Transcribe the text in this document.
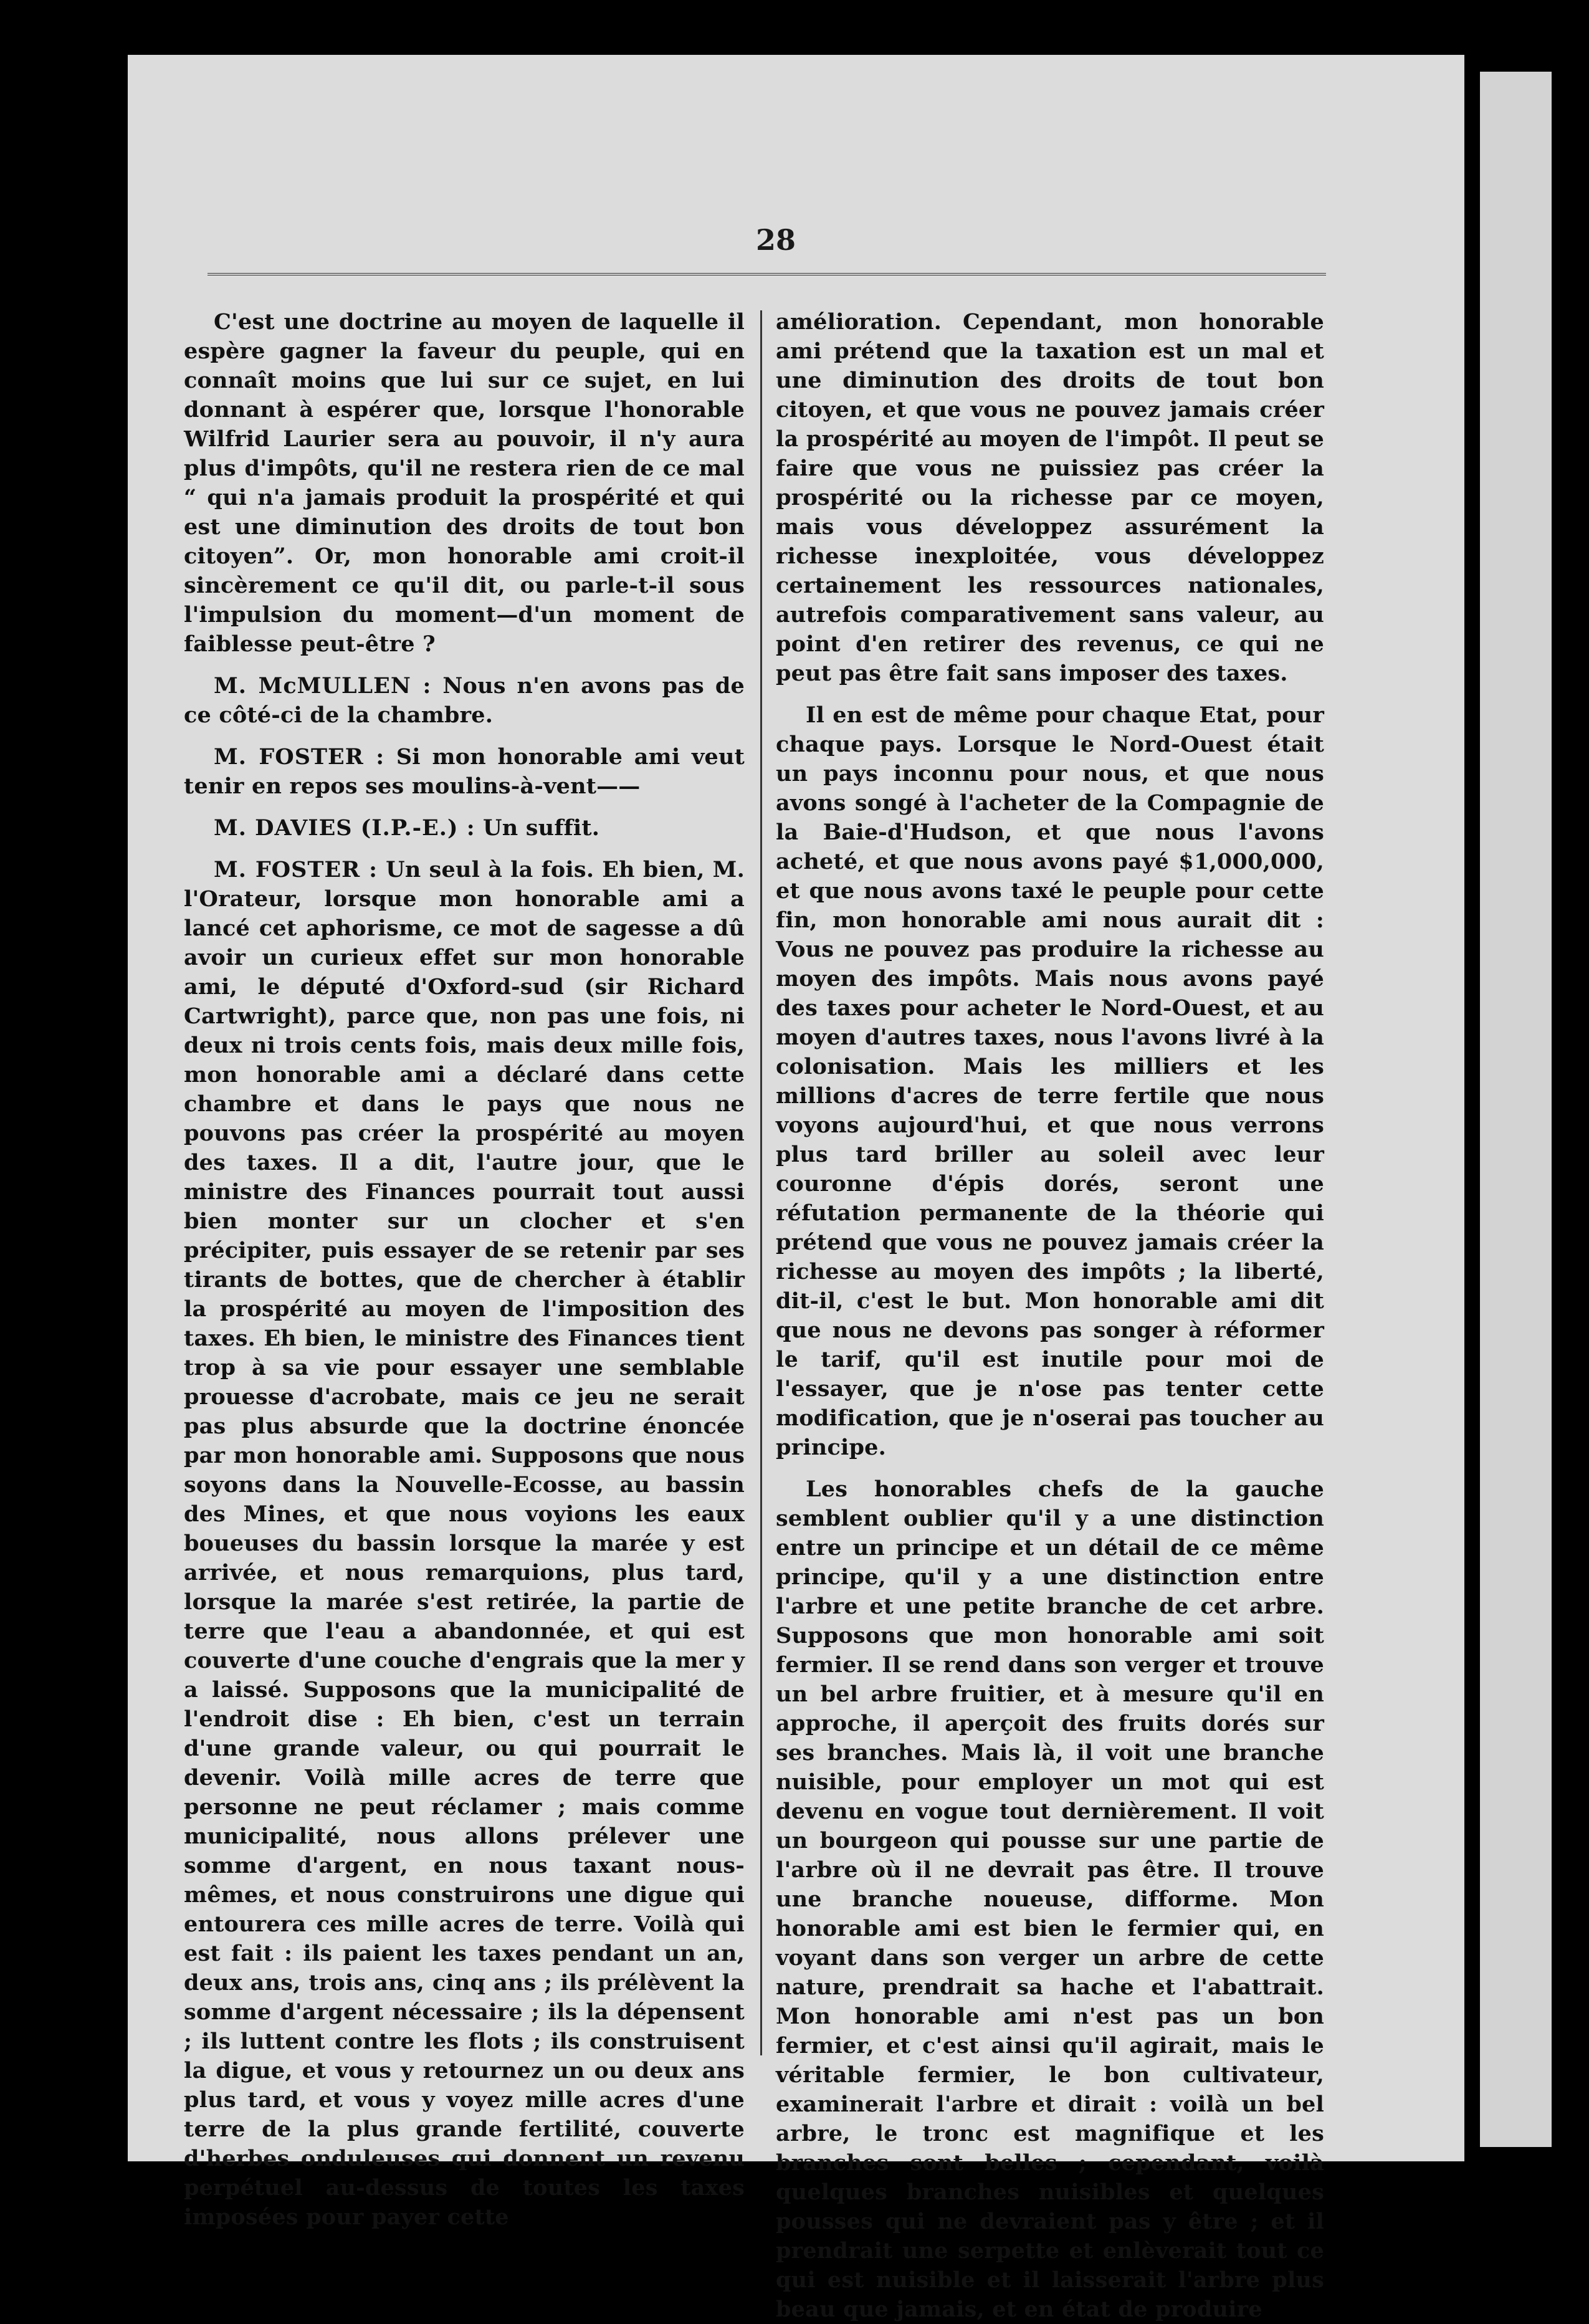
28

C'est une doctrine au moyen de laquelle il espère gagner la faveur du peuple, qui en connaît moins que lui sur ce sujet, en lui donnant à espérer que, lorsque l'honorable Wilfrid Laurier sera au pouvoir, il n'y aura plus d'impôts, qu'il ne restera rien de ce mal “ qui n'a jamais produit la prospérité et qui est une diminution des droits de tout bon citoyen”. Or, mon honorable ami croit-il sincèrement ce qu'il dit, ou parle-t-il sous l'impulsion du moment—d'un moment de faiblesse peut-être ?

M. McMULLEN : Nous n'en avons pas de ce côté-ci de la chambre.

M. FOSTER : Si mon honorable ami veut tenir en repos ses moulins-à-vent——

M. DAVIES (I.P.-E.) : Un suffit.

M. FOSTER : Un seul à la fois. Eh bien, M. l'Orateur, lorsque mon honorable ami a lancé cet aphorisme, ce mot de sagesse a dû avoir un curieux effet sur mon honorable ami, le député d'Oxford-sud (sir Richard Cartwright), parce que, non pas une fois, ni deux ni trois cents fois, mais deux mille fois, mon honorable ami a déclaré dans cette chambre et dans le pays que nous ne pouvons pas créer la prospérité au moyen des taxes. Il a dit, l'autre jour, que le ministre des Finances pourrait tout aussi bien monter sur un clocher et s'en précipiter, puis essayer de se retenir par ses tirants de bottes, que de chercher à établir la prospérité au moyen de l'imposition des taxes. Eh bien, le ministre des Finances tient trop à sa vie pour essayer une semblable prouesse d'acrobate, mais ce jeu ne serait pas plus absurde que la doctrine énoncée par mon honorable ami. Supposons que nous soyons dans la Nouvelle-Ecosse, au bassin des Mines, et que nous voyions les eaux boueuses du bassin lorsque la marée y est arrivée, et nous remarquions, plus tard, lorsque la marée s'est retirée, la partie de terre que l'eau a abandonnée, et qui est couverte d'une couche d'engrais que la mer y a laissé. Supposons que la municipalité de l'endroit dise : Eh bien, c'est un terrain d'une grande valeur, ou qui pourrait le devenir. Voilà mille acres de terre que personne ne peut réclamer ; mais comme municipalité, nous allons prélever une somme d'argent, en nous taxant nous-mêmes, et nous construirons une digue qui entourera ces mille acres de terre. Voilà qui est fait : ils paient les taxes pendant un an, deux ans, trois ans, cinq ans ; ils prélèvent la somme d'argent nécessaire ; ils la dépensent ; ils luttent contre les flots ; ils construisent la digue, et vous y retournez un ou deux ans plus tard, et vous y voyez mille acres d'une terre de la plus grande fertilité, couverte d'herbes onduleuses qui donnent un revenu perpétuel au-dessus de toutes les taxes imposées pour payer cette

amélioration. Cependant, mon honorable ami prétend que la taxation est un mal et une diminution des droits de tout bon citoyen, et que vous ne pouvez jamais créer la prospérité au moyen de l'impôt. Il peut se faire que vous ne puissiez pas créer la prospérité ou la richesse par ce moyen, mais vous développez assurément la richesse inexploitée, vous développez certainement les ressources nationales, autrefois comparativement sans valeur, au point d'en retirer des revenus, ce qui ne peut pas être fait sans imposer des taxes.

Il en est de même pour chaque Etat, pour chaque pays. Lorsque le Nord-Ouest était un pays inconnu pour nous, et que nous avons songé à l'acheter de la Compagnie de la Baie-d'Hudson, et que nous l'avons acheté, et que nous avons payé $1,000,000, et que nous avons taxé le peuple pour cette fin, mon honorable ami nous aurait dit : Vous ne pouvez pas produire la richesse au moyen des impôts. Mais nous avons payé des taxes pour acheter le Nord-Ouest, et au moyen d'autres taxes, nous l'avons livré à la colonisation. Mais les milliers et les millions d'acres de terre fertile que nous voyons aujourd'hui, et que nous verrons plus tard briller au soleil avec leur couronne d'épis dorés, seront une réfutation permanente de la théorie qui prétend que vous ne pouvez jamais créer la richesse au moyen des impôts ; la liberté, dit-il, c'est le but. Mon honorable ami dit que nous ne devons pas songer à réformer le tarif, qu'il est inutile pour moi de l'essayer, que je n'ose pas tenter cette modification, que je n'oserai pas toucher au principe.

Les honorables chefs de la gauche semblent oublier qu'il y a une distinction entre un principe et un détail de ce même principe, qu'il y a une distinction entre l'arbre et une petite branche de cet arbre. Supposons que mon honorable ami soit fermier. Il se rend dans son verger et trouve un bel arbre fruitier, et à mesure qu'il en approche, il aperçoit des fruits dorés sur ses branches. Mais là, il voit une branche nuisible, pour employer un mot qui est devenu en vogue tout dernièrement. Il voit un bourgeon qui pousse sur une partie de l'arbre où il ne devrait pas être. Il trouve une branche noueuse, difforme. Mon honorable ami est bien le fermier qui, en voyant dans son verger un arbre de cette nature, prendrait sa hache et l'abattrait. Mon honorable ami n'est pas un bon fermier, et c'est ainsi qu'il agirait, mais le véritable fermier, le bon cultivateur, examinerait l'arbre et dirait : voilà un bel arbre, le tronc est magnifique et les branches sont belles ; cependant, voilà quelques branches nuisibles et quelques pousses qui ne devraient pas y être ; et il prendrait une serpette et enlèverait tout ce qui est nuisible et il laisserait l'arbre plus beau que jamais, et en état de produire
